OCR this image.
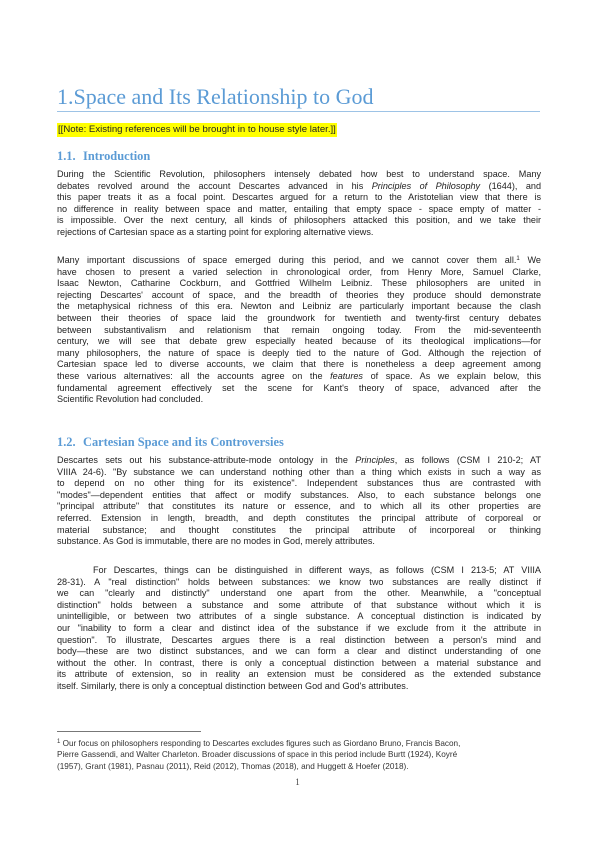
1.Space and Its Relationship to God
[[Note: Existing references will be brought in to house style later.]]
1.1. Introduction
During the Scientific Revolution, philosophers intensely debated how best to understand space. Many
debates revolved around the account Descartes advanced in his Principles of Philosophy (1644), and
this paper treats it as a focal point. Descartes argued for a return to the Aristotelian view that there is
no difference in reality between space and matter, entailing that empty space - space empty of matter -
is impossible. Over the next century, all kinds of philosophers attacked this position, and we take their
rejections of Cartesian space as a starting point for exploring alternative views.
Many important discussions of space emerged during this period, and we cannot cover them all.$^1$ We
have chosen to present a varied selection in chronological order, from Henry More, Samuel Clarke,
Isaac Newton, Catharine Cockburn, and Gottfried Wilhelm Leibniz. These philosophers are united in
rejecting Descartes' account of space, and the breadth of theories they produce should demonstrate
the metaphysical richness of this era. Newton and Leibniz are particularly important because the clash
between their theories of space laid the groundwork for twentieth and twenty-first century debates
between substantivalism and relationism that remain ongoing today. From the mid-seventeenth
century, we will see that debate grew especially heated because of its theological implications—for
many philosophers, the nature of space is deeply tied to the nature of God. Although the rejection of
Cartesian space led to diverse accounts, we claim that there is nonetheless a deep agreement among
these various alternatives: all the accounts agree on the features of space. As we explain below, this
fundamental agreement effectively set the scene for Kant's theory of space, advanced after the
Scientific Revolution had concluded.
1.2. Cartesian Space and its Controversies
Descartes sets out his substance-attribute-mode ontology in the Principles, as follows (CSM I 210-2; AT
VIIIA 24-6). "By substance we can understand nothing other than a thing which exists in such a way as
to depend on no other thing for its existence". Independent substances thus are contrasted with
"modes"—dependent entities that affect or modify substances. Also, to each substance belongs one
"principal attribute" that constitutes its nature or essence, and to which all its other properties are
referred. Extension in length, breadth, and depth constitutes the principal attribute of corporeal or
material substance; and thought constitutes the principal attribute of incorporeal or thinking
substance. As God is immutable, there are no modes in God, merely attributes.
For Descartes, things can be distinguished in different ways, as follows (CSM I 213-5; AT VIIIA
28-31). A "real distinction" holds between substances: we know two substances are really distinct if
we can "clearly and distinctly" understand one apart from the other. Meanwhile, a "conceptual
distinction" holds between a substance and some attribute of that substance without which it is
unintelligible, or between two attributes of a single substance. A conceptual distinction is indicated by
our "inability to form a clear and distinct idea of the substance if we exclude from it the attribute in
question". To illustrate, Descartes argues there is a real distinction between a person's mind and
body—these are two distinct substances, and we can form a clear and distinct understanding of one
without the other. In contrast, there is only a conceptual distinction between a material substance and
its attribute of extension, so in reality an extension must be considered as the extended substance
itself. Similarly, there is only a conceptual distinction between God and God's attributes.
$^1$ Our focus on philosophers responding to Descartes excludes figures such as Giordano Bruno, Francis Bacon,
Pierre Gassendi, and Walter Charleton. Broader discussions of space in this period include Burtt (1924), Koyré
(1957), Grant (1981), Pasnau (2011), Reid (2012), Thomas (2018), and Huggett & Hoefer (2018).
1
